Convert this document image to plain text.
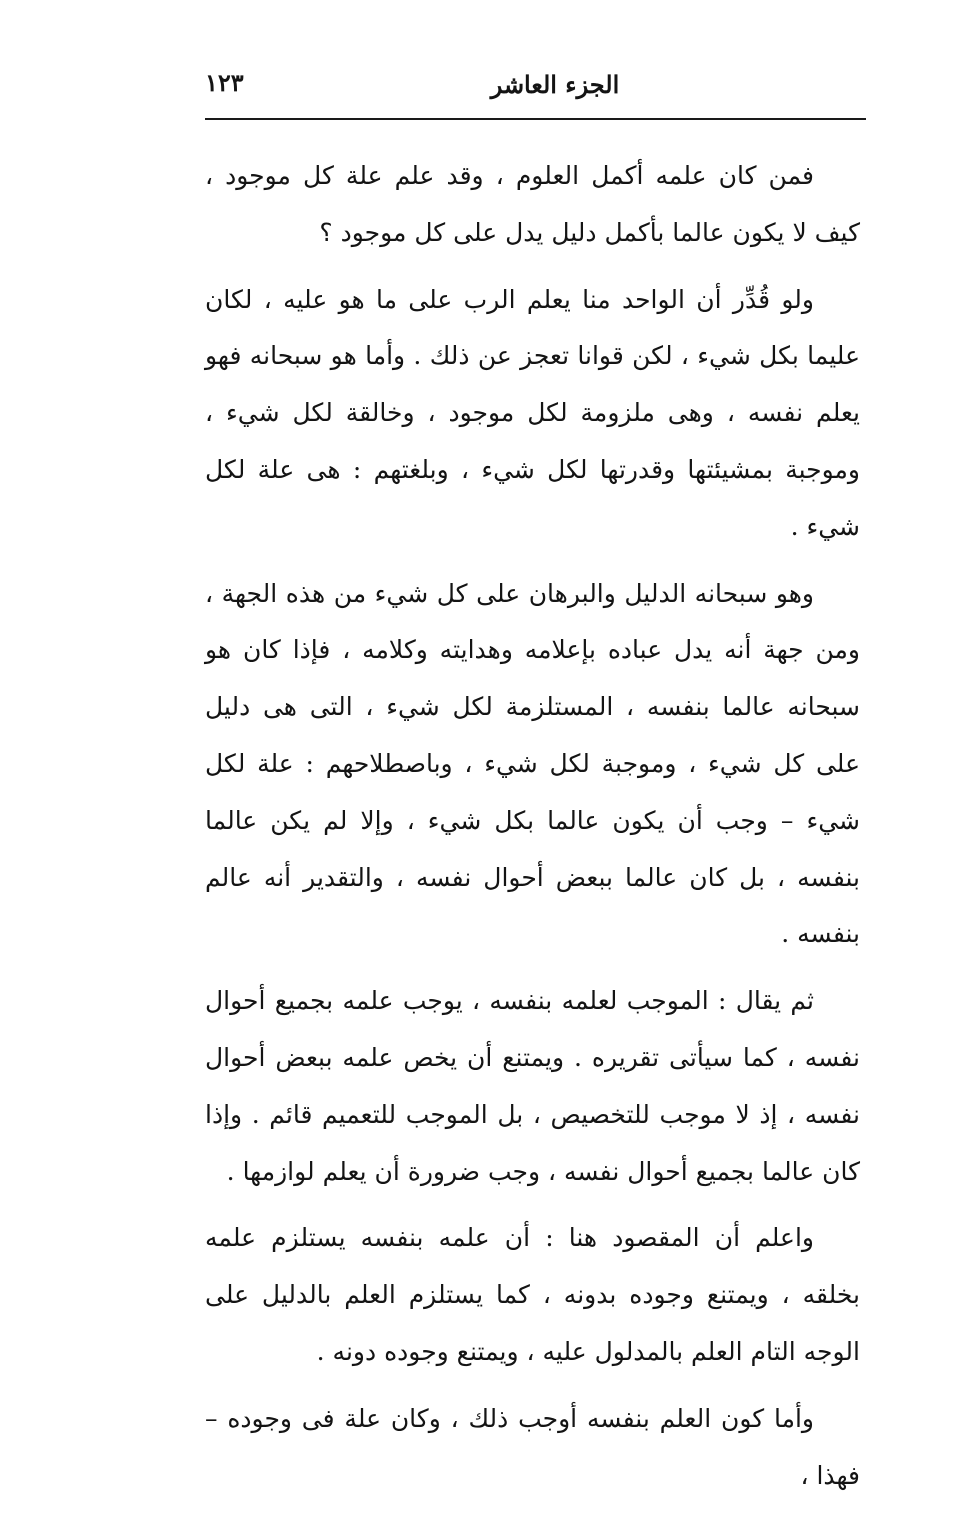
الجزء العاشر
١٢٣

فمن كان علمه أكمل العلوم ، وقد علم علة كل موجود ، كيف لا يكون عالما بأكمل دليل يدل على كل موجود ؟

ولو قُدِّر أن الواحد منا يعلم الرب على ما هو عليه ، لكان عليما بكل شيء ، لكن قوانا تعجز عن ذلك . وأما هو سبحانه فهو يعلم نفسه ، وهى ملزومة لكل موجود ، وخالقة لكل شيء ، وموجبة بمشيئتها وقدرتها لكل شيء ، وبلغتهم : هى علة لكل شيء .

وهو سبحانه الدليل والبرهان على كل شيء من هذه الجهة ، ومن جهة أنه يدل عباده بإعلامه وهدايته وكلامه ، فإذا كان هو سبحانه عالما بنفسه ، المستلزمة لكل شيء ، التى هى دليل على كل شيء ، وموجبة لكل شيء ، وباصطلاحهم : علة لكل شيء – وجب أن يكون عالما بكل شيء ، وإلا لم يكن عالما بنفسه ، بل كان عالما ببعض أحوال نفسه ، والتقدير أنه عالم بنفسه .

ثم يقال : الموجب لعلمه بنفسه ، يوجب علمه بجميع أحوال نفسه ، كما سيأتى تقريره . ويمتنع أن يخص علمه ببعض أحوال نفسه ، إذ لا موجب للتخصيص ، بل الموجب للتعميم قائم . وإذا كان عالما بجميع أحوال نفسه ، وجب ضرورة أن يعلم لوازمها .

واعلم أن المقصود هنا : أن علمه بنفسه يستلزم علمه بخلقه ، ويمتنع وجوده بدونه ، كما يستلزم العلم بالدليل على الوجه التام العلم بالمدلول عليه ، ويمتنع وجوده دونه .

وأما كون العلم بنفسه أوجب ذلك ، وكان علة فى وجوده – فهذا ،
